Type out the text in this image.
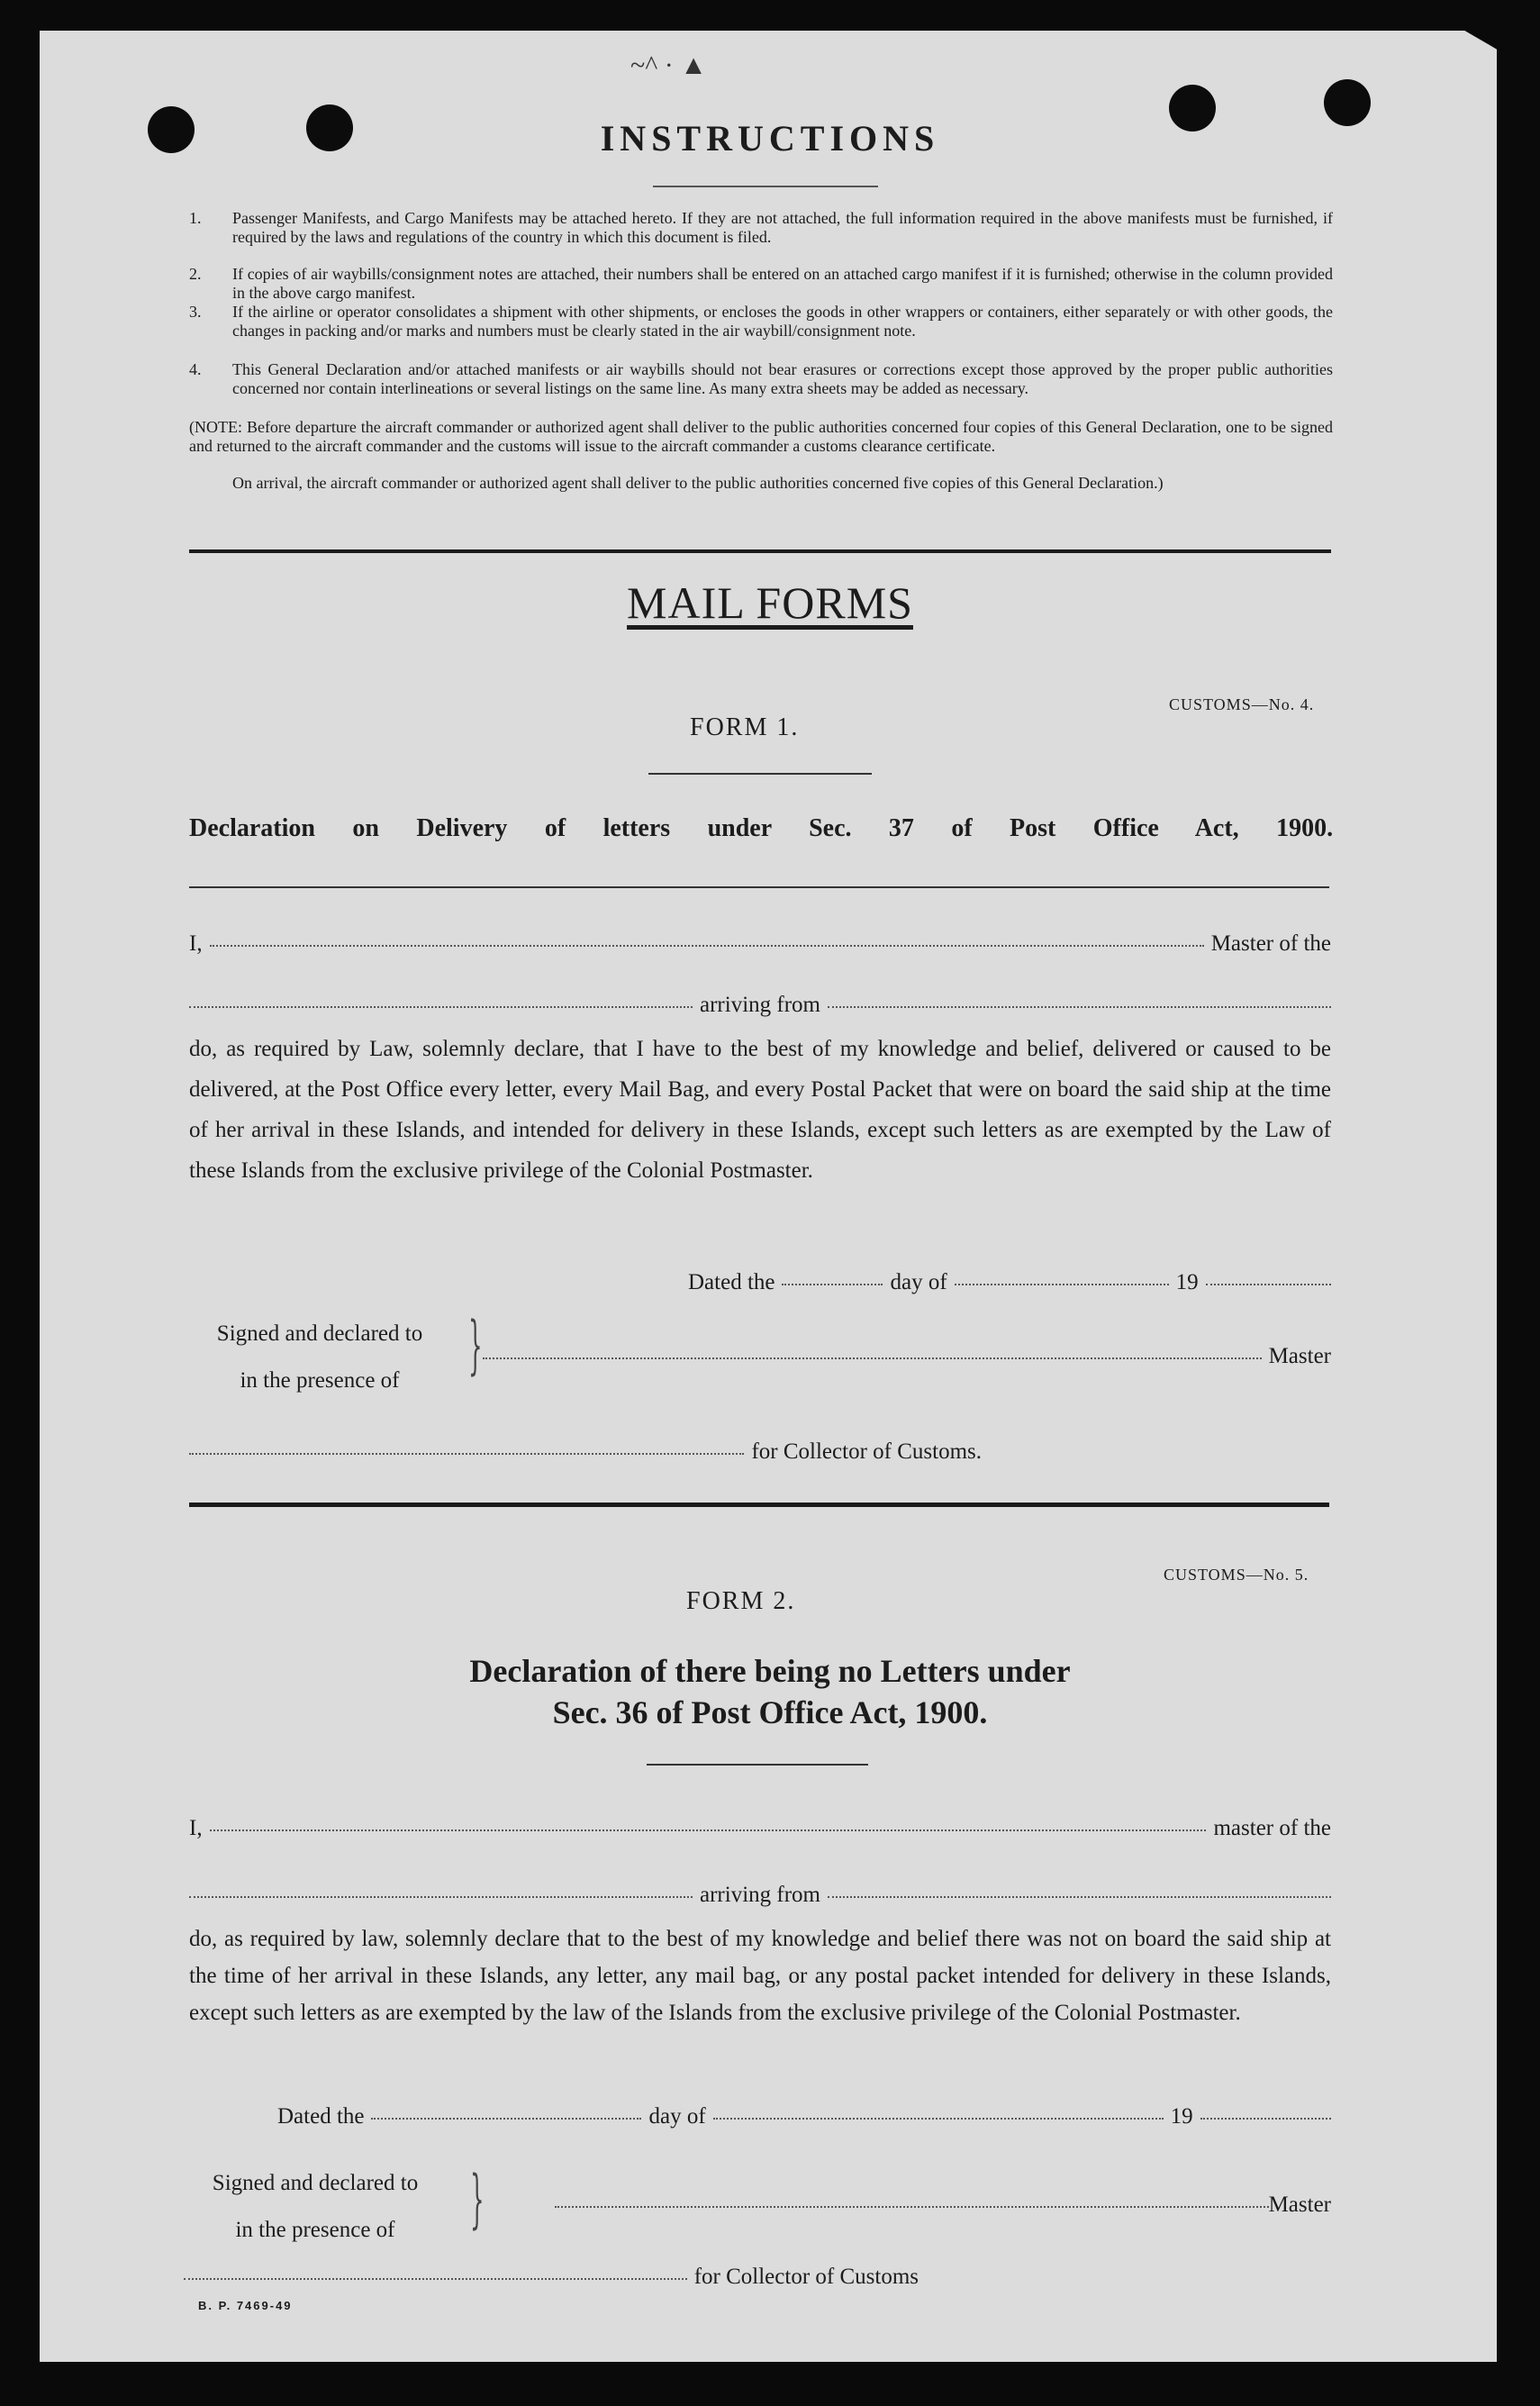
~^ · ▲
INSTRUCTIONS
1. Passenger Manifests, and Cargo Manifests may be attached hereto. If they are not attached, the full information required in the above manifests must be furnished, if required by the laws and regulations of the country in which this document is filed.
2. If copies of air waybills/consignment notes are attached, their numbers shall be entered on an attached cargo manifest if it is furnished; otherwise in the column provided in the above cargo manifest.
3. If the airline or operator consolidates a shipment with other shipments, or encloses the goods in other wrappers or containers, either separately or with other goods, the changes in packing and/or marks and numbers must be clearly stated in the air waybill/consignment note.
4. This General Declaration and/or attached manifests or air waybills should not bear erasures or corrections except those approved by the proper public authorities concerned nor contain interlineations or several listings on the same line. As many extra sheets may be added as necessary.
(NOTE: Before departure the aircraft commander or authorized agent shall deliver to the public authorities concerned four copies of this General Declaration, one to be signed and returned to the aircraft commander and the customs will issue to the aircraft commander a customs clearance certificate.
On arrival, the aircraft commander or authorized agent shall deliver to the public authorities concerned five copies of this General Declaration.)
MAIL FORMS
CUSTOMS—No. 4.
FORM 1.
Declaration on Delivery of letters under Sec. 37 of Post Office Act, 1900.
I,	Master of the
arriving from
do, as required by Law, solemnly declare, that I have to the best of my knowledge and belief, delivered or caused to be delivered, at the Post Office every letter, every Mail Bag, and every Postal Packet that were on board the said ship at the time of her arrival in these Islands, and intended for delivery in these Islands, except such letters as are exempted by the Law of these Islands from the exclusive privilege of the Colonial Postmaster.
Dated the	day of	19
Signed and declared to
in the presence of	}	Master
for Collector of Customs.
CUSTOMS—No. 5.
FORM 2.
Declaration of there being no Letters under
Sec. 36 of Post Office Act, 1900.
I,	master of the
arriving from
do, as required by law, solemnly declare that to the best of my knowledge and belief there was not on board the said ship at the time of her arrival in these Islands, any letter, any mail bag, or any postal packet intended for delivery in these Islands, except such letters as are exempted by the law of the Islands from the exclusive privilege of the Colonial Postmaster.
Dated the	day of	19
Signed and declared to
in the presence of	}	Master
for Collector of Customs
B. P. 7469-49
